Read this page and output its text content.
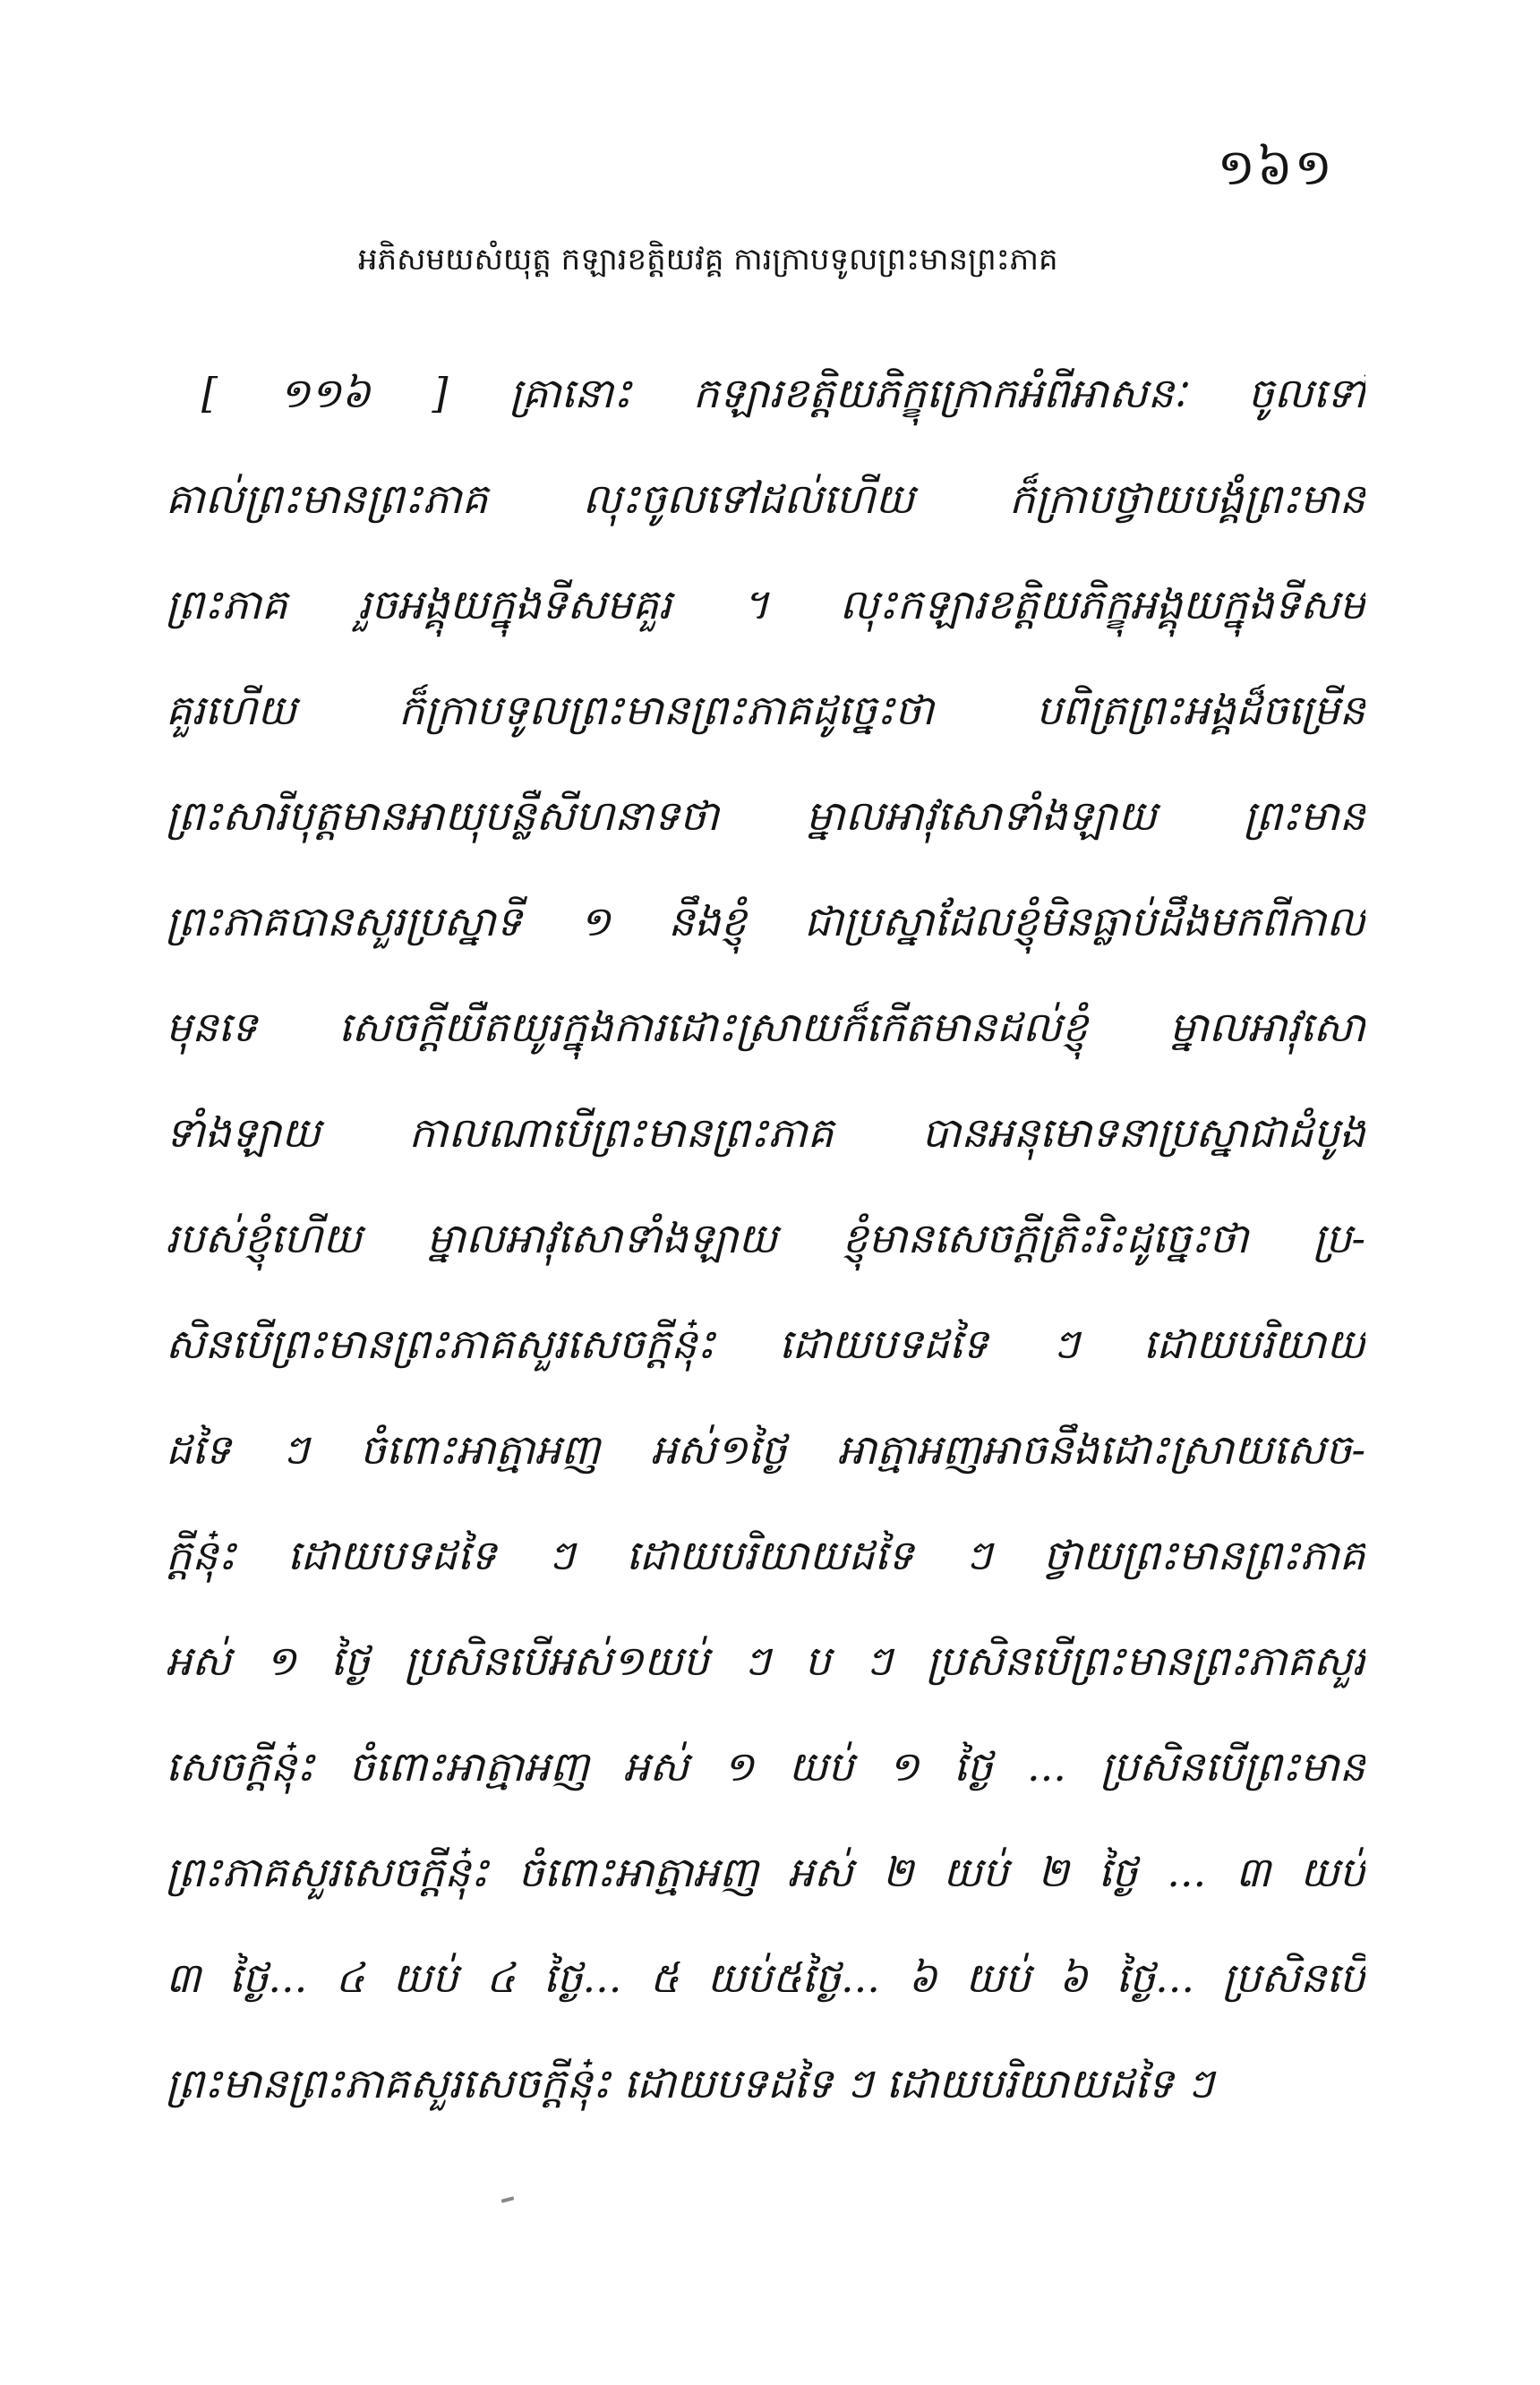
១៦១
អភិសមយសំយុត្ត កឡារខត្តិយវគ្គ ការក្រាបទូលព្រះមានព្រះភាគ
[ ១១៦ ] គ្រានោះ កឡារខត្តិយភិក្ខុក្រោកអំពីអាសនៈ ចូលទៅ
គាល់ព្រះមានព្រះភាគ លុះចូលទៅដល់ហើយ ក៏ក្រាបថ្វាយបង្គំព្រះមាន
ព្រះភាគ រួចអង្គុយក្នុងទីសមគួរ ។ លុះកឡារខត្តិយភិក្ខុអង្គុយក្នុងទីសម
គួរហើយ ក៏ក្រាបទូលព្រះមានព្រះភាគដូច្នេះថា បពិត្រព្រះអង្គដ៏ចម្រើន
ព្រះសារីបុត្តមានអាយុបន្លឺសីហនាទថា ម្នាលអាវុសោទាំងឡាយ ព្រះមាន
ព្រះភាគបានសួរប្រស្នាទី ១ នឹងខ្ញុំ ជាប្រស្នាដែលខ្ញុំមិនធ្លាប់ដឹងមកពីកាល
មុនទេ សេចក្តីយឺតយូរក្នុងការដោះស្រាយក៏កើតមានដល់ខ្ញុំ ម្នាលអាវុសោ
ទាំងឡាយ កាលណាបើព្រះមានព្រះភាគ បានអនុមោទនាប្រស្នាជាដំបូង
របស់ខ្ញុំហើយ ម្នាលអាវុសោទាំងឡាយ ខ្ញុំមានសេចក្តីត្រិះរិះដូច្នេះថា ប្រ-
សិនបើព្រះមានព្រះភាគសួរសេចក្តីនុ៎ះ ដោយបទដទៃ ៗ ដោយបរិយាយ
ដទៃ ៗ ចំពោះអាត្មាអញ អស់១ថ្ងៃ អាត្មាអញអាចនឹងដោះស្រាយសេច-
ក្តីនុ៎ះ ដោយបទដទៃ ៗ ដោយបរិយាយដទៃ ៗ ថ្វាយព្រះមានព្រះភាគ
អស់ ១ ថ្ងៃ ប្រសិនបើអស់១យប់ ៗ ប ៗ ប្រសិនបើព្រះមានព្រះភាគសួរ
សេចក្តីនុ៎ះ ចំពោះអាត្មាអញ អស់ ១ យប់ ១ ថ្ងៃ ... ប្រសិនបើព្រះមាន
ព្រះភាគសួរសេចក្តីនុ៎ះ ចំពោះអាត្មាអញ អស់ ២ យប់ ២ ថ្ងៃ ... ៣ យប់
៣ ថ្ងៃ... ៤ យប់ ៤ ថ្ងៃ... ៥ យប់៥ថ្ងៃ... ៦ យប់ ៦ ថ្ងៃ... ប្រសិនបើ
ព្រះមានព្រះភាគសួរសេចក្តីនុ៎ះ ដោយបទដទៃ ៗ ដោយបរិយាយដទៃ ៗ
